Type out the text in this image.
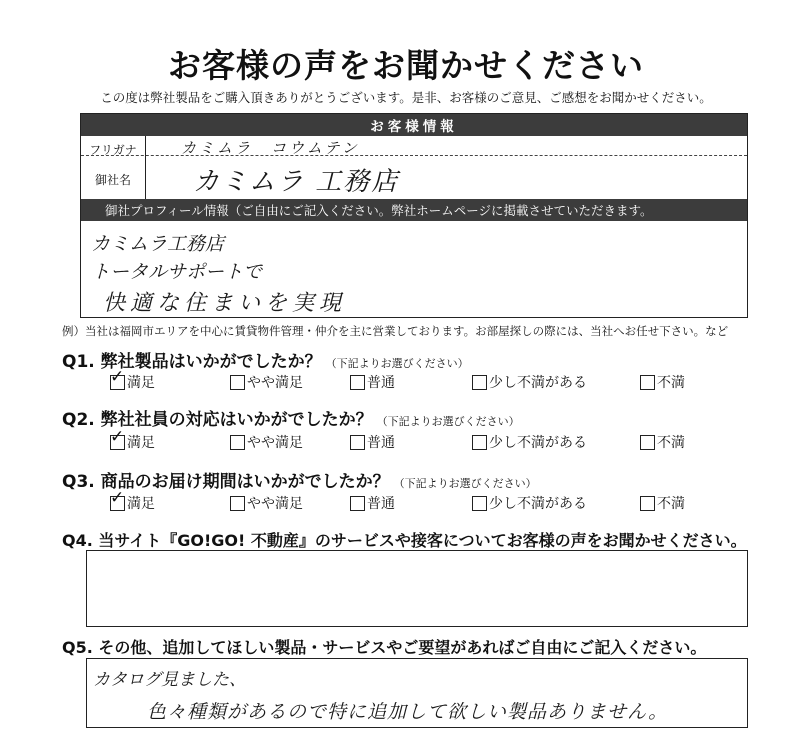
お客様の声をお聞かせください
この度は弊社製品をご購入頂きありがとうございます。是非、お客様のご意見、ご感想をお聞かせください。
お客様情報
フリガナ	カミムラ　コウムテン
御社名	カミムラ 工務店
御社プロフィール情報（ご自由にご記入ください。弊社ホームページに掲載させていただきます。
カミムラ工務店
トータルサポートで
快適な住まいを実現
例）当社は福岡市エリアを中心に賃貸物件管理・仲介を主に営業しております。お部屋探しの際には、当社へお任せ下さい。など
Q1. 弊社製品はいかがでしたか？ （下記よりお選びください）
✓ 満足	やや満足	普通	少し不満がある	不満
Q2. 弊社社員の対応はいかがでしたか？ （下記よりお選びください）
✓ 満足	やや満足	普通	少し不満がある	不満
Q3. 商品のお届け期間はいかがでしたか？ （下記よりお選びください）
✓ 満足	やや満足	普通	少し不満がある	不満
Q4. 当サイト『GO!GO! 不動産』のサービスや接客についてお客様の声をお聞かせください。
Q5. その他、追加してほしい製品・サービスやご要望があればご自由にご記入ください。
カタログ見ました、
色々種類があるので特に追加して欲しい製品ありません。
